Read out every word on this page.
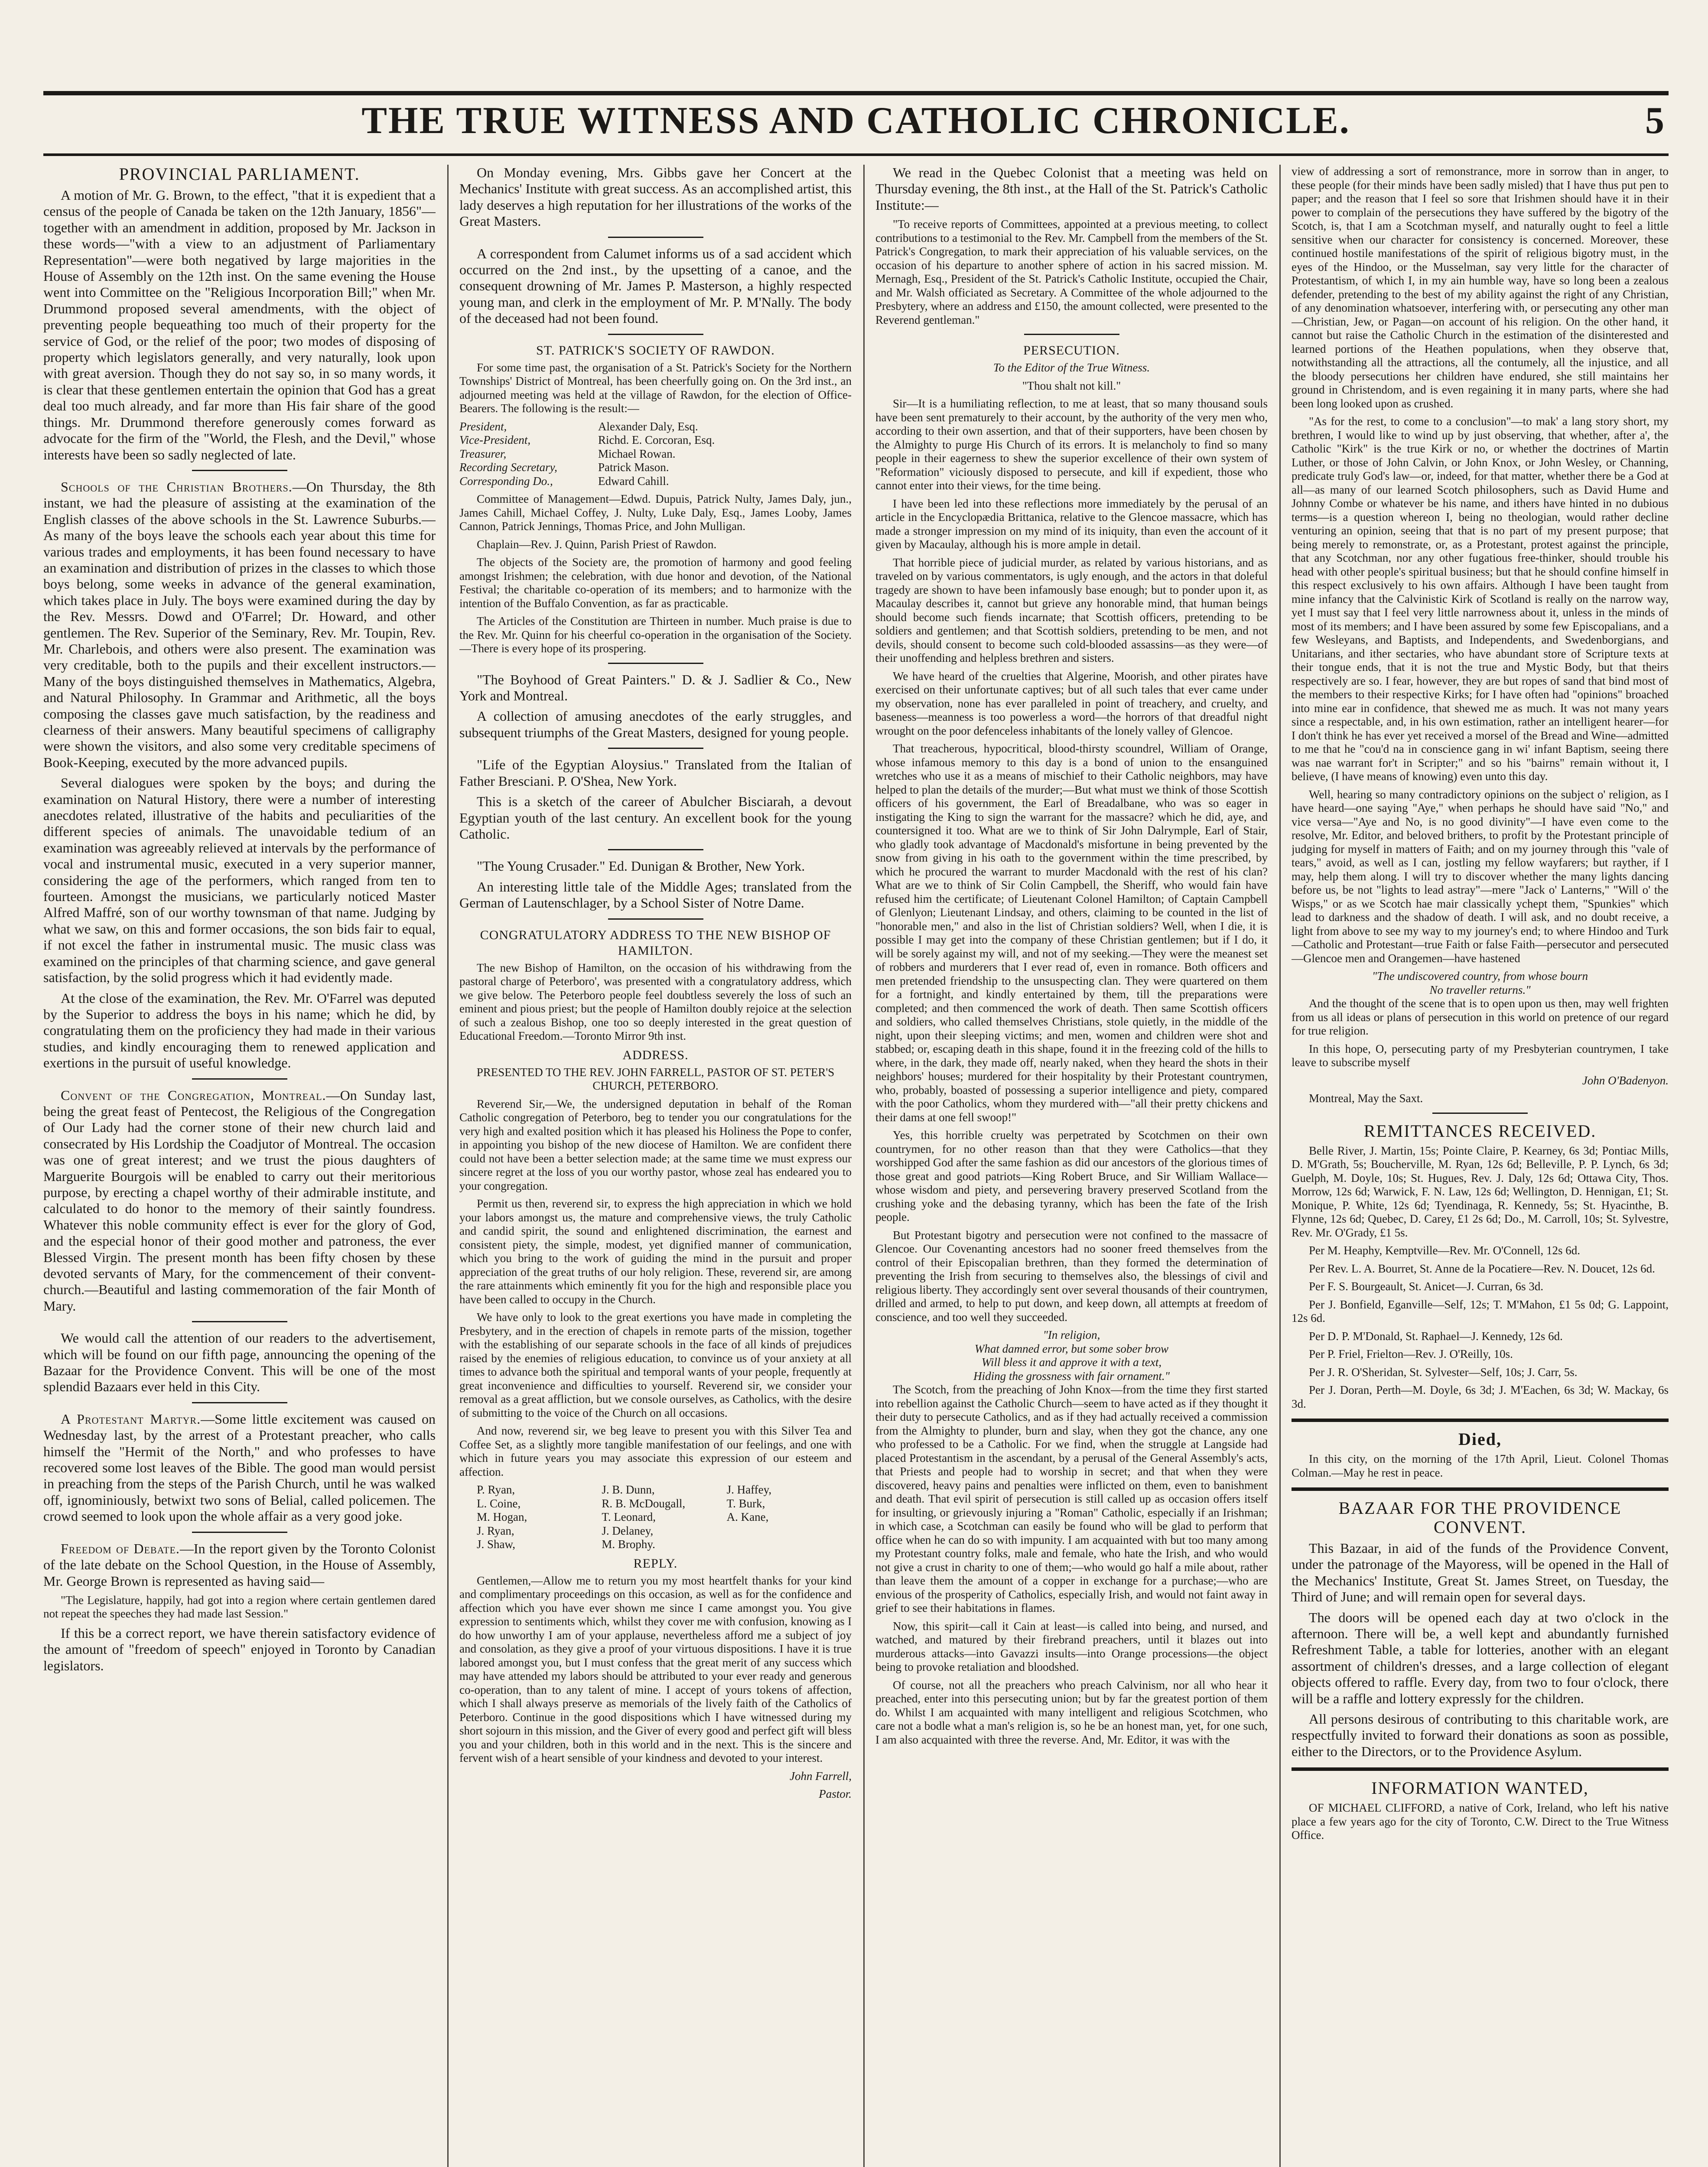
THE TRUE WITNESS AND CATHOLIC CHRONICLE.	5
PROVINCIAL PARLIAMENT.

A motion of Mr. G. Brown, to the effect, "that it is expedient that a census of the people of Canada be taken on the 12th January, 1856"—together with an amendment in addition, proposed by Mr. Jackson in these words—"with a view to an adjustment of Parliamentary Representation"—were both negatived by large majorities in the House of Assembly on the 12th inst. On the same evening the House went into Committee on the "Religious Incorporation Bill;" when Mr. Drummond proposed several amendments, with the object of preventing people bequeathing too much of their property for the service of God, or the relief of the poor; two modes of disposing of property which legislators generally, and very naturally, look upon with great aversion. Though they do not say so, in so many words, it is clear that these gentlemen entertain the opinion that God has a great deal too much already, and far more than His fair share of the good things. Mr. Drummond therefore generously comes forward as advocate for the firm of the "World, the Flesh, and the Devil," whose interests have been so sadly neglected of late.

Schools of the Christian Brothers.—On Thursday, the 8th instant, we had the pleasure of assisting at the examination of the English classes of the above schools in the St. Lawrence Suburbs.—As many of the boys leave the schools each year about this time for various trades and employments, it has been found necessary to have an examination and distribution of prizes in the classes to which those boys belong, some weeks in advance of the general examination, which takes place in July. The boys were examined during the day by the Rev. Messrs. Dowd and O'Farrel; Dr. Howard, and other gentlemen. The Rev. Superior of the Seminary, Rev. Mr. Toupin, Rev. Mr. Charlebois, and others were also present. The examination was very creditable, both to the pupils and their excellent instructors.—Many of the boys distinguished themselves in Mathematics, Algebra, and Natural Philosophy. In Grammar and Arithmetic, all the boys composing the classes gave much satisfaction, by the readiness and clearness of their answers. Many beautiful specimens of calligraphy were shown the visitors, and also some very creditable specimens of Book-Keeping, executed by the more advanced pupils.

Several dialogues were spoken by the boys; and during the examination on Natural History, there were a number of interesting anecdotes related, illustrative of the habits and peculiarities of the different species of animals. The unavoidable tedium of an examination was agreeably relieved at intervals by the performance of vocal and instrumental music, executed in a very superior manner, considering the age of the performers, which ranged from ten to fourteen. Amongst the musicians, we particularly noticed Master Alfred Maffré, son of our worthy townsman of that name. Judging by what we saw, on this and former occasions, the son bids fair to equal, if not excel the father in instrumental music. The music class was examined on the principles of that charming science, and gave general satisfaction, by the solid progress which it had evidently made.

At the close of the examination, the Rev. Mr. O'Farrel was deputed by the Superior to address the boys in his name; which he did, by congratulating them on the proficiency they had made in their various studies, and kindly encouraging them to renewed application and exertions in the pursuit of useful knowledge.

Convent of the Congregation, Montreal.—On Sunday last, being the great feast of Pentecost, the Religious of the Congregation of Our Lady had the corner stone of their new church laid and consecrated by His Lordship the Coadjutor of Montreal. The occasion was one of great interest; and we trust the pious daughters of Marguerite Bourgois will be enabled to carry out their meritorious purpose, by erecting a chapel worthy of their admirable institute, and calculated to do honor to the memory of their saintly foundress. Whatever this noble community effect is ever for the glory of God, and the especial honor of their good mother and patroness, the ever Blessed Virgin. The present month has been fifty chosen by these devoted servants of Mary, for the commencement of their convent-church.—Beautiful and lasting commemoration of the fair Month of Mary.

We would call the attention of our readers to the advertisement, which will be found on our fifth page, announcing the opening of the Bazaar for the Providence Convent. This will be one of the most splendid Bazaars ever held in this City.

A Protestant Martyr.—Some little excitement was caused on Wednesday last, by the arrest of a Protestant preacher, who calls himself the "Hermit of the North," and who professes to have recovered some lost leaves of the Bible. The good man would persist in preaching from the steps of the Parish Church, until he was walked off, ignominiously, betwixt two sons of Belial, called policemen. The crowd seemed to look upon the whole affair as a very good joke.

Freedom of Debate.—In the report given by the Toronto Colonist of the late debate on the School Question, in the House of Assembly, Mr. George Brown is represented as having said—

"The Legislature, happily, had got into a region where certain gentlemen dared not repeat the speeches they had made last Session."

If this be a correct report, we have therein satisfactory evidence of the amount of "freedom of speech" enjoyed in Toronto by Canadian legislators.

On Monday evening, Mrs. Gibbs gave her Concert at the Mechanics' Institute with great success. As an accomplished artist, this lady deserves a high reputation for her illustrations of the works of the Great Masters.

A correspondent from Calumet informs us of a sad accident which occurred on the 2nd inst., by the upsetting of a canoe, and the consequent drowning of Mr. James P. Masterson, a highly respected young man, and clerk in the employment of Mr. P. M'Nally. The body of the deceased had not been found.

ST. PATRICK'S SOCIETY OF RAWDON.

For some time past, the organisation of a St. Patrick's Society for the Northern Townships' District of Montreal, has been cheerfully going on. On the 3rd inst., an adjourned meeting was held at the village of Rawdon, for the election of Office-Bearers. The following is the result:—

President,	Alexander Daly, Esq.
Vice-President,	Richd. E. Corcoran, Esq.
Treasurer,	Michael Rowan.
Recording Secretary,	Patrick Mason.
Corresponding Do.,	Edward Cahill.

Committee of Management—Edwd. Dupuis, Patrick Nulty, James Daly, jun., James Cahill, Michael Coffey, J. Nulty, Luke Daly, Esq., James Looby, James Cannon, Patrick Jennings, Thomas Price, and John Mulligan.

Chaplain—Rev. J. Quinn, Parish Priest of Rawdon.

The objects of the Society are, the promotion of harmony and good feeling amongst Irishmen; the celebration, with due honor and devotion, of the National Festival; the charitable co-operation of its members; and to harmonize with the intention of the Buffalo Convention, as far as practicable.

The Articles of the Constitution are Thirteen in number. Much praise is due to the Rev. Mr. Quinn for his cheerful co-operation in the organisation of the Society.—There is every hope of its prospering.

"The Boyhood of Great Painters." D. & J. Sadlier & Co., New York and Montreal.

A collection of amusing anecdotes of the early struggles, and subsequent triumphs of the Great Masters, designed for young people.

"Life of the Egyptian Aloysius." Translated from the Italian of Father Bresciani. P. O'Shea, New York.

This is a sketch of the career of Abulcher Bisciarah, a devout Egyptian youth of the last century. An excellent book for the young Catholic.

"The Young Crusader." Ed. Dunigan & Brother, New York.

An interesting little tale of the Middle Ages; translated from the German of Lautenschlager, by a School Sister of Notre Dame.

CONGRATULATORY ADDRESS TO THE NEW BISHOP OF HAMILTON.

The new Bishop of Hamilton, on the occasion of his withdrawing from the pastoral charge of Peterboro', was presented with a congratulatory address, which we give below. The Peterboro people feel doubtless severely the loss of such an eminent and pious priest; but the people of Hamilton doubly rejoice at the selection of such a zealous Bishop, one too so deeply interested in the great question of Educational Freedom.—Toronto Mirror 9th inst.

ADDRESS.

PRESENTED TO THE REV. JOHN FARRELL, PASTOR OF ST. PETER'S CHURCH, PETERBORO.

Reverend Sir,—We, the undersigned deputation in behalf of the Roman Catholic congregation of Peterboro, beg to tender you our congratulations for the very high and exalted position which it has pleased his Holiness the Pope to confer, in appointing you bishop of the new diocese of Hamilton. We are confident there could not have been a better selection made; at the same time we must express our sincere regret at the loss of you our worthy pastor, whose zeal has endeared you to your congregation.

Permit us then, reverend sir, to express the high appreciation in which we hold your labors amongst us, the mature and comprehensive views, the truly Catholic and candid spirit, the sound and enlightened discrimination, the earnest and consistent piety, the simple, modest, yet dignified manner of communication, which you bring to the work of guiding the mind in the pursuit and proper appreciation of the great truths of our holy religion. These, reverend sir, are among the rare attainments which eminently fit you for the high and responsible place you have been called to occupy in the Church.

We have only to look to the great exertions you have made in completing the Presbytery, and in the erection of chapels in remote parts of the mission, together with the establishing of our separate schools in the face of all kinds of prejudices raised by the enemies of religious education, to convince us of your anxiety at all times to advance both the spiritual and temporal wants of your people, frequently at great inconvenience and difficulties to yourself. Reverend sir, we consider your removal as a great affliction, but we console ourselves, as Catholics, with the desire of submitting to the voice of the Church on all occasions.

And now, reverend sir, we beg leave to present you with this Silver Tea and Coffee Set, as a slightly more tangible manifestation of our feelings, and one with which in future years you may associate this expression of our esteem and affection.

P. Ryan,	J. B. Dunn,	J. Haffey,
L. Coine,	R. B. McDougall,	T. Burk,
M. Hogan,	T. Leonard,	A. Kane,
J. Ryan,	J. Delaney,
J. Shaw,	M. Brophy.
REPLY.

Gentlemen,—Allow me to return you my most heartfelt thanks for your kind and complimentary proceedings on this occasion, as well as for the confidence and affection which you have ever shown me since I came amongst you. You give expression to sentiments which, whilst they cover me with confusion, knowing as I do how unworthy I am of your applause, nevertheless afford me a subject of joy and consolation, as they give a proof of your virtuous dispositions. I have it is true labored amongst you, but I must confess that the great merit of any success which may have attended my labors should be attributed to your ever ready and generous co-operation, than to any talent of mine. I accept of yours tokens of affection, which I shall always preserve as memorials of the lively faith of the Catholics of Peterboro. Continue in the good dispositions which I have witnessed during my short sojourn in this mission, and the Giver of every good and perfect gift will bless you and your children, both in this world and in the next. This is the sincere and fervent wish of a heart sensible of your kindness and devoted to your interest.

John Farrell,

Pastor.

We read in the Quebec Colonist that a meeting was held on Thursday evening, the 8th inst., at the Hall of the St. Patrick's Catholic Institute:—

"To receive reports of Committees, appointed at a previous meeting, to collect contributions to a testimonial to the Rev. Mr. Campbell from the members of the St. Patrick's Congregation, to mark their appreciation of his valuable services, on the occasion of his departure to another sphere of action in his sacred mission. M. Mernagh, Esq., President of the St. Patrick's Catholic Institute, occupied the Chair, and Mr. Walsh officiated as Secretary. A Committee of the whole adjourned to the Presbytery, where an address and £150, the amount collected, were presented to the Reverend gentleman."

PERSECUTION.

To the Editor of the True Witness.

"Thou shalt not kill."

Sir—It is a humiliating reflection, to me at least, that so many thousand souls have been sent prematurely to their account, by the authority of the very men who, according to their own assertion, and that of their supporters, have been chosen by the Almighty to purge His Church of its errors. It is melancholy to find so many people in their eagerness to shew the superior excellence of their own system of "Reformation" viciously disposed to persecute, and kill if expedient, those who cannot enter into their views, for the time being.

I have been led into these reflections more immediately by the perusal of an article in the Encyclopædia Brittanica, relative to the Glencoe massacre, which has made a stronger impression on my mind of its iniquity, than even the account of it given by Macaulay, although his is more ample in detail.

That horrible piece of judicial murder, as related by various historians, and as traveled on by various commentators, is ugly enough, and the actors in that doleful tragedy are shown to have been infamously base enough; but to ponder upon it, as Macaulay describes it, cannot but grieve any honorable mind, that human beings should become such fiends incarnate; that Scottish officers, pretending to be soldiers and gentlemen; and that Scottish soldiers, pretending to be men, and not devils, should consent to become such cold-blooded assassins—as they were—of their unoffending and helpless brethren and sisters.

We have heard of the cruelties that Algerine, Moorish, and other pirates have exercised on their unfortunate captives; but of all such tales that ever came under my observation, none has ever paralleled in point of treachery, and cruelty, and baseness—meanness is too powerless a word—the horrors of that dreadful night wrought on the poor defenceless inhabitants of the lonely valley of Glencoe.

That treacherous, hypocritical, blood-thirsty scoundrel, William of Orange, whose infamous memory to this day is a bond of union to the ensanguined wretches who use it as a means of mischief to their Catholic neighbors, may have helped to plan the details of the murder;—But what must we think of those Scottish officers of his government, the Earl of Breadalbane, who was so eager in instigating the King to sign the warrant for the massacre? which he did, aye, and countersigned it too. What are we to think of Sir John Dalrymple, Earl of Stair, who gladly took advantage of Macdonald's misfortune in being prevented by the snow from giving in his oath to the government within the time prescribed, by which he procured the warrant to murder Macdonald with the rest of his clan? What are we to think of Sir Colin Campbell, the Sheriff, who would fain have refused him the certificate; of Lieutenant Colonel Hamilton; of Captain Campbell of Glenlyon; Lieutenant Lindsay, and others, claiming to be counted in the list of "honorable men," and also in the list of Christian soldiers? Well, when I die, it is possible I may get into the company of these Christian gentlemen; but if I do, it will be sorely against my will, and not of my seeking.—They were the meanest set of robbers and murderers that I ever read of, even in romance. Both officers and men pretended friendship to the unsuspecting clan. They were quartered on them for a fortnight, and kindly entertained by them, till the preparations were completed; and then commenced the work of death. Then same Scottish officers and soldiers, who called themselves Christians, stole quietly, in the middle of the night, upon their sleeping victims; and men, women and children were shot and stabbed; or, escaping death in this shape, found it in the freezing cold of the hills to where, in the dark, they made off, nearly naked, when they heard the shots in their neighbors' houses; murdered for their hospitality by their Protestant countrymen, who, probably, boasted of possessing a superior intelligence and piety, compared with the poor Catholics, whom they murdered with—"all their pretty chickens and their dams at one fell swoop!"

Yes, this horrible cruelty was perpetrated by Scotchmen on their own countrymen, for no other reason than that they were Catholics—that they worshipped God after the same fashion as did our ancestors of the glorious times of those great and good patriots—King Robert Bruce, and Sir William Wallace—whose wisdom and piety, and persevering bravery preserved Scotland from the crushing yoke and the debasing tyranny, which has been the fate of the Irish people.

But Protestant bigotry and persecution were not confined to the massacre of Glencoe. Our Covenanting ancestors had no sooner freed themselves from the control of their Episcopalian brethren, than they formed the determination of preventing the Irish from securing to themselves also, the blessings of civil and religious liberty. They accordingly sent over several thousands of their countrymen, drilled and armed, to help to put down, and keep down, all attempts at freedom of conscience, and too well they succeeded.

"In religion,
What damned error, but some sober brow
Will bless it and approve it with a text,
Hiding the grossness with fair ornament."

The Scotch, from the preaching of John Knox—from the time they first started into rebellion against the Catholic Church—seem to have acted as if they thought it their duty to persecute Catholics, and as if they had actually received a commission from the Almighty to plunder, burn and slay, when they got the chance, any one who professed to be a Catholic. For we find, when the struggle at Langside had placed Protestantism in the ascendant, by a perusal of the General Assembly's acts, that Priests and people had to worship in secret; and that when they were discovered, heavy pains and penalties were inflicted on them, even to banishment and death. That evil spirit of persecution is still called up as occasion offers itself for insulting, or grievously injuring a "Roman" Catholic, especially if an Irishman; in which case, a Scotchman can easily be found who will be glad to perform that office when he can do so with impunity. I am acquainted with but too many among my Protestant country folks, male and female, who hate the Irish, and who would not give a crust in charity to one of them;—who would go half a mile about, rather than leave them the amount of a copper in exchange for a purchase;—who are envious of the prosperity of Catholics, especially Irish, and would not faint away in grief to see their habitations in flames.

Now, this spirit—call it Cain at least—is called into being, and nursed, and watched, and matured by their firebrand preachers, until it blazes out into murderous attacks—into Gavazzi insults—into Orange processions—the object being to provoke retaliation and bloodshed.

Of course, not all the preachers who preach Calvinism, nor all who hear it preached, enter into this persecuting union; but by far the greatest portion of them do. Whilst I am acquainted with many intelligent and religious Scotchmen, who care not a bodle what a man's religion is, so he be an honest man, yet, for one such, I am also acquainted with three the reverse. And, Mr. Editor, it was with the

view of addressing a sort of remonstrance, more in sorrow than in anger, to these people (for their minds have been sadly misled) that I have thus put pen to paper; and the reason that I feel so sore that Irishmen should have it in their power to complain of the persecutions they have suffered by the bigotry of the Scotch, is, that I am a Scotchman myself, and naturally ought to feel a little sensitive when our character for consistency is concerned. Moreover, these continued hostile manifestations of the spirit of religious bigotry must, in the eyes of the Hindoo, or the Musselman, say very little for the character of Protestantism, of which I, in my ain humble way, have so long been a zealous defender, pretending to the best of my ability against the right of any Christian, of any denomination whatsoever, interfering with, or persecuting any other man—Christian, Jew, or Pagan—on account of his religion. On the other hand, it cannot but raise the Catholic Church in the estimation of the disinterested and learned portions of the Heathen populations, when they observe that, notwithstanding all the attractions, all the contumely, all the injustice, and all the bloody persecutions her children have endured, she still maintains her ground in Christendom, and is even regaining it in many parts, where she had been long looked upon as crushed.

"As for the rest, to come to a conclusion"—to mak' a lang story short, my brethren, I would like to wind up by just observing, that whether, after a', the Catholic "Kirk" is the true Kirk or no, or whether the doctrines of Martin Luther, or those of John Calvin, or John Knox, or John Wesley, or Channing, predicate truly God's law—or, indeed, for that matter, whether there be a God at all—as many of our learned Scotch philosophers, such as David Hume and Johnny Combe or whatever be his name, and ithers have hinted in no dubious terms—is a question whereon I, being no theologian, would rather decline venturing an opinion, seeing that that is no part of my present purpose; that being merely to remonstrate, or, as a Protestant, protest against the principle, that any Scotchman, nor any other fugatious free-thinker, should trouble his head with other people's spiritual business; but that he should confine himself in this respect exclusively to his own affairs. Although I have been taught from mine infancy that the Calvinistic Kirk of Scotland is really on the narrow way, yet I must say that I feel very little narrowness about it, unless in the minds of most of its members; and I have been assured by some few Episcopalians, and a few Wesleyans, and Baptists, and Independents, and Swedenborgians, and Unitarians, and ither sectaries, who have abundant store of Scripture texts at their tongue ends, that it is not the true and Mystic Body, but that theirs respectively are so. I fear, however, they are but ropes of sand that bind most of the members to their respective Kirks; for I have often had "opinions" broached into mine ear in confidence, that shewed me as much. It was not many years since a respectable, and, in his own estimation, rather an intelligent hearer—for I don't think he has ever yet received a morsel of the Bread and Wine—admitted to me that he "cou'd na in conscience gang in wi' infant Baptism, seeing there was nae warrant for't in Scripter;" and so his "bairns" remain without it, I believe, (I have means of knowing) even unto this day.

Well, hearing so many contradictory opinions on the subject o' religion, as I have heard—one saying "Aye," when perhaps he should have said "No," and vice versa—"Aye and No, is no good divinity"—I have even come to the resolve, Mr. Editor, and beloved brithers, to profit by the Protestant principle of judging for myself in matters of Faith; and on my journey through this "vale of tears," avoid, as well as I can, jostling my fellow wayfarers; but rayther, if I may, help them along. I will try to discover whether the many lights dancing before us, be not "lights to lead astray"—mere "Jack o' Lanterns," "Will o' the Wisps," or as we Scotch hae mair classically ychept them, "Spunkies" which lead to darkness and the shadow of death. I will ask, and no doubt receive, a light from above to see my way to my journey's end; to where Hindoo and Turk—Catholic and Protestant—true Faith or false Faith—persecutor and persecuted—Glencoe men and Orangemen—have hastened

"The undiscovered country, from whose bourn
No traveller returns."

And the thought of the scene that is to open upon us then, may well frighten from us all ideas or plans of persecution in this world on pretence of our regard for true religion.

In this hope, O, persecuting party of my Presbyterian countrymen, I take leave to subscribe myself

John O'Badenyon.

Montreal, May the Saxt.

REMITTANCES RECEIVED.

Belle River, J. Martin, 15s; Pointe Claire, P. Kearney, 6s 3d; Pontiac Mills, D. M'Grath, 5s; Boucherville, M. Ryan, 12s 6d; Belleville, P. P. Lynch, 6s 3d; Guelph, M. Doyle, 10s; St. Hugues, Rev. J. Daly, 12s 6d; Ottawa City, Thos. Morrow, 12s 6d; Warwick, F. N. Law, 12s 6d; Wellington, D. Hennigan, £1; St. Monique, P. White, 12s 6d; Tyendinaga, R. Kennedy, 5s; St. Hyacinthe, B. Flynne, 12s 6d; Quebec, D. Carey, £1 2s 6d; Do., M. Carroll, 10s; St. Sylvestre, Rev. Mr. O'Grady, £1 5s.

Per M. Heaphy, Kemptville—Rev. Mr. O'Connell, 12s 6d.

Per Rev. L. A. Bourret, St. Anne de la Pocatiere—Rev. N. Doucet, 12s 6d.

Per F. S. Bourgeault, St. Anicet—J. Curran, 6s 3d.

Per J. Bonfield, Eganville—Self, 12s; T. M'Mahon, £1 5s 0d; G. Lappoint, 12s 6d.

Per D. P. M'Donald, St. Raphael—J. Kennedy, 12s 6d.

Per P. Friel, Frielton—Rev. J. O'Reilly, 10s.

Per J. R. O'Sheridan, St. Sylvester—Self, 10s; J. Carr, 5s.

Per J. Doran, Perth—M. Doyle, 6s 3d; J. M'Eachen, 6s 3d; W. Mackay, 6s 3d.

Died,

In this city, on the morning of the 17th April, Lieut. Colonel Thomas Colman.—May he rest in peace.

BAZAAR FOR THE PROVIDENCE CONVENT.

This Bazaar, in aid of the funds of the Providence Convent, under the patronage of the Mayoress, will be opened in the Hall of the Mechanics' Institute, Great St. James Street, on Tuesday, the Third of June; and will remain open for several days.

The doors will be opened each day at two o'clock in the afternoon. There will be, a well kept and abundantly furnished Refreshment Table, a table for lotteries, another with an elegant assortment of children's dresses, and a large collection of elegant objects offered to raffle. Every day, from two to four o'clock, there will be a raffle and lottery expressly for the children.

All persons desirous of contributing to this charitable work, are respectfully invited to forward their donations as soon as possible, either to the Directors, or to the Providence Asylum.

INFORMATION WANTED,

OF MICHAEL CLIFFORD, a native of Cork, Ireland, who left his native place a few years ago for the city of Toronto, C.W. Direct to the True Witness Office.
